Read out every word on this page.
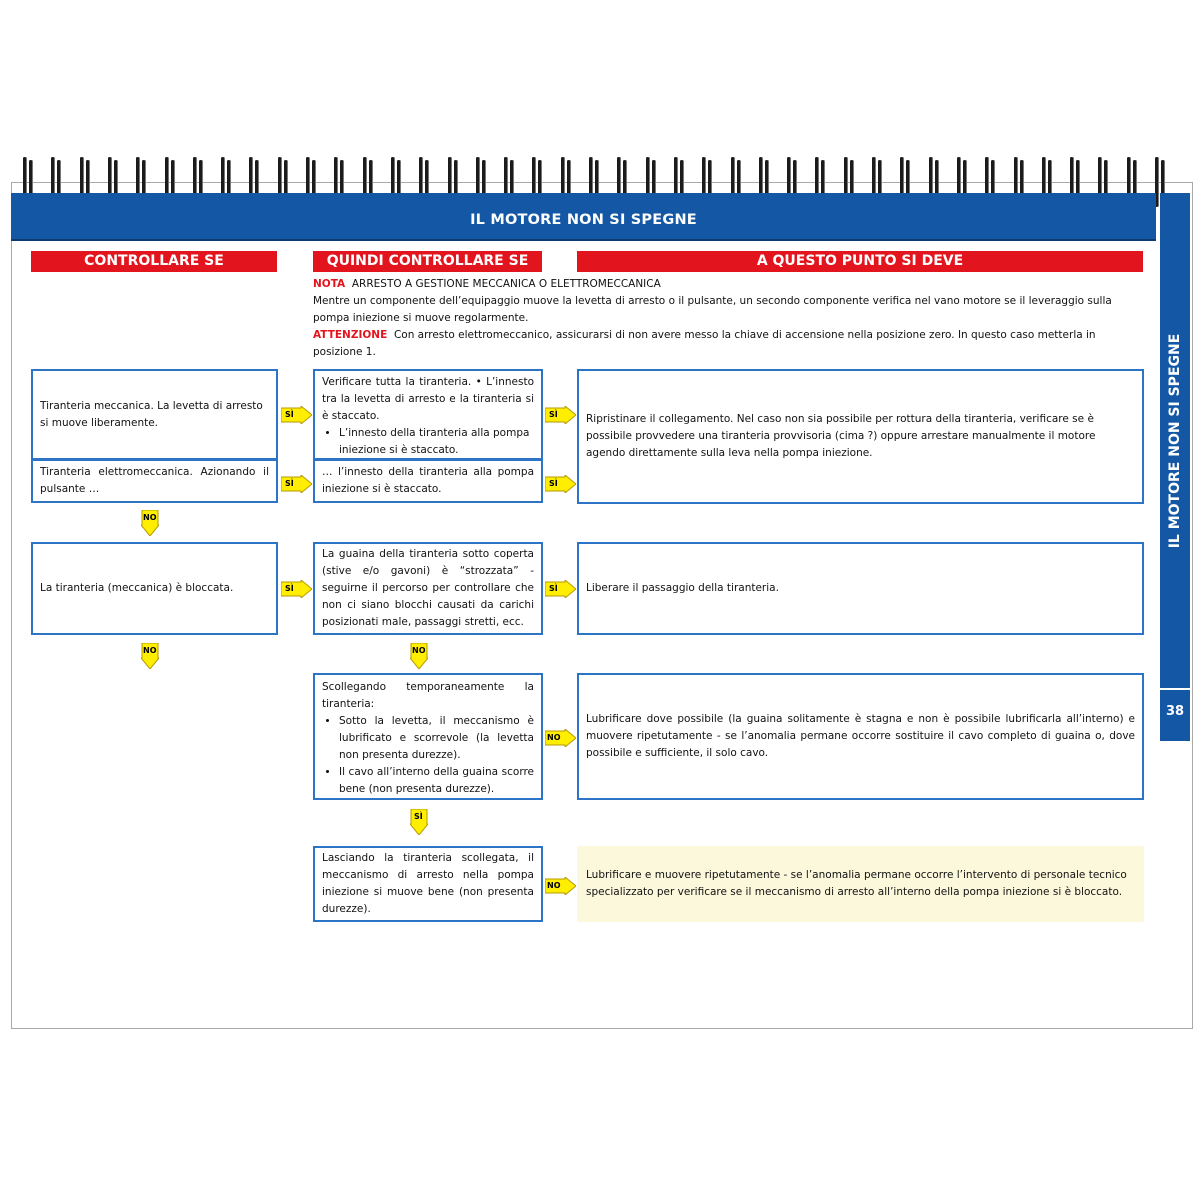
IL MOTORE NON SI SPEGNE
IL MOTORE NON SI SPEGNE
38
CONTROLLARE SE	QUINDI CONTROLLARE SE	A QUESTO PUNTO SI DEVE
NOTA ARRESTO A GESTIONE MECCANICA O ELETTROMECCANICA
Mentre un componente dell’equipaggio muove la levetta di arresto o il pulsante, un secondo componente verifica nel vano motore se il leveraggio sulla pompa iniezione si muove regolarmente.
ATTENZIONE Con arresto elettromeccanico, assicurarsi di non avere messo la chiave di accensione nella posizione zero. In questo caso metterla in posizione 1.
Tiranteria meccanica. La levetta di arresto si muove liberamente.
Tiranteria elettromeccanica. Azionando il pulsante …
La tiranteria (meccanica) è bloccata.
Verificare tutta la tiranteria. • L’innesto tra la levetta di arresto e la tiranteria si è staccato.
• L’innesto della tiranteria alla pompa iniezione si è staccato.
… l’innesto della tiranteria alla pompa iniezione si è staccato.
La guaina della tiranteria sotto coperta (stive e/o gavoni) è “strozzata” - seguirne il percorso per controllare che non ci siano blocchi causati da carichi posizionati male, passaggi stretti, ecc.
Scollegando temporaneamente la tiranteria:
• Sotto la levetta, il meccanismo è lubrificato e scorrevole (la levetta non presenta durezze).
• Il cavo all’interno della guaina scorre bene (non presenta durezze).
Lasciando la tiranteria scollegata, il meccanismo di arresto nella pompa iniezione si muove bene (non presenta durezze).
Ripristinare il collegamento. Nel caso non sia possibile per rottura della tiranteria, verificare se è possibile provvedere una tiranteria provvisoria (cima ?) oppure arrestare manualmente il motore agendo direttamente sulla leva nella pompa iniezione.
Liberare il passaggio della tiranteria.
Lubrificare dove possibile (la guaina solitamente è stagna e non è possibile lubrificarla all’interno) e muovere ripetutamente - se l’anomalia permane occorre sostituire il cavo completo di guaina o, dove possibile e sufficiente, il solo cavo.
Lubrificare e muovere ripetutamente - se l’anomalia permane occorre l’intervento di personale tecnico specializzato per verificare se il meccanismo di arresto all’interno della pompa iniezione si è bloccato.
SÌ
SÌ
SÌ
SÌ
SÌ
SÌ
NO
NO
NO
NO	NO
SÌ
